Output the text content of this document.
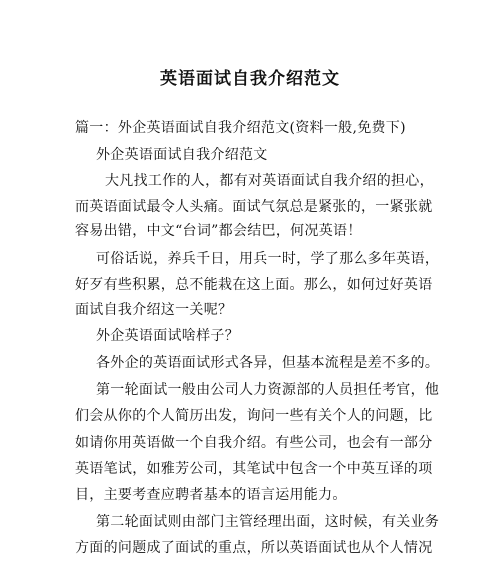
英语面试自我介绍范文
篇一：外企英语面试自我介绍范文(资料一般,免费下)
外企英语面试自我介绍范文
大凡找工作的人，都有对英语面试自我介绍的担心，
而英语面试最令人头痛。面试气氛总是紧张的，一紧张就
容易出错，中文“台词”都会结巴，何况英语！
可俗话说，养兵千日，用兵一时，学了那么多年英语，
好歹有些积累，总不能栽在这上面。那么，如何过好英语
面试自我介绍这一关呢？
外企英语面试啥样子？
各外企的英语面试形式各异，但基本流程是差不多的。
第一轮面试一般由公司人力资源部的人员担任考官，他
们会从你的个人简历出发，询问一些有关个人的问题，比
如请你用英语做一个自我介绍。有些公司，也会有一部分
英语笔试，如雅芳公司，其笔试中包含一个中英互译的项
目，主要考查应聘者基本的语言运用能力。
第二轮面试则由部门主管经理出面，这时候，有关业务
方面的问题成了面试的重点，所以英语面试也从个人情况
